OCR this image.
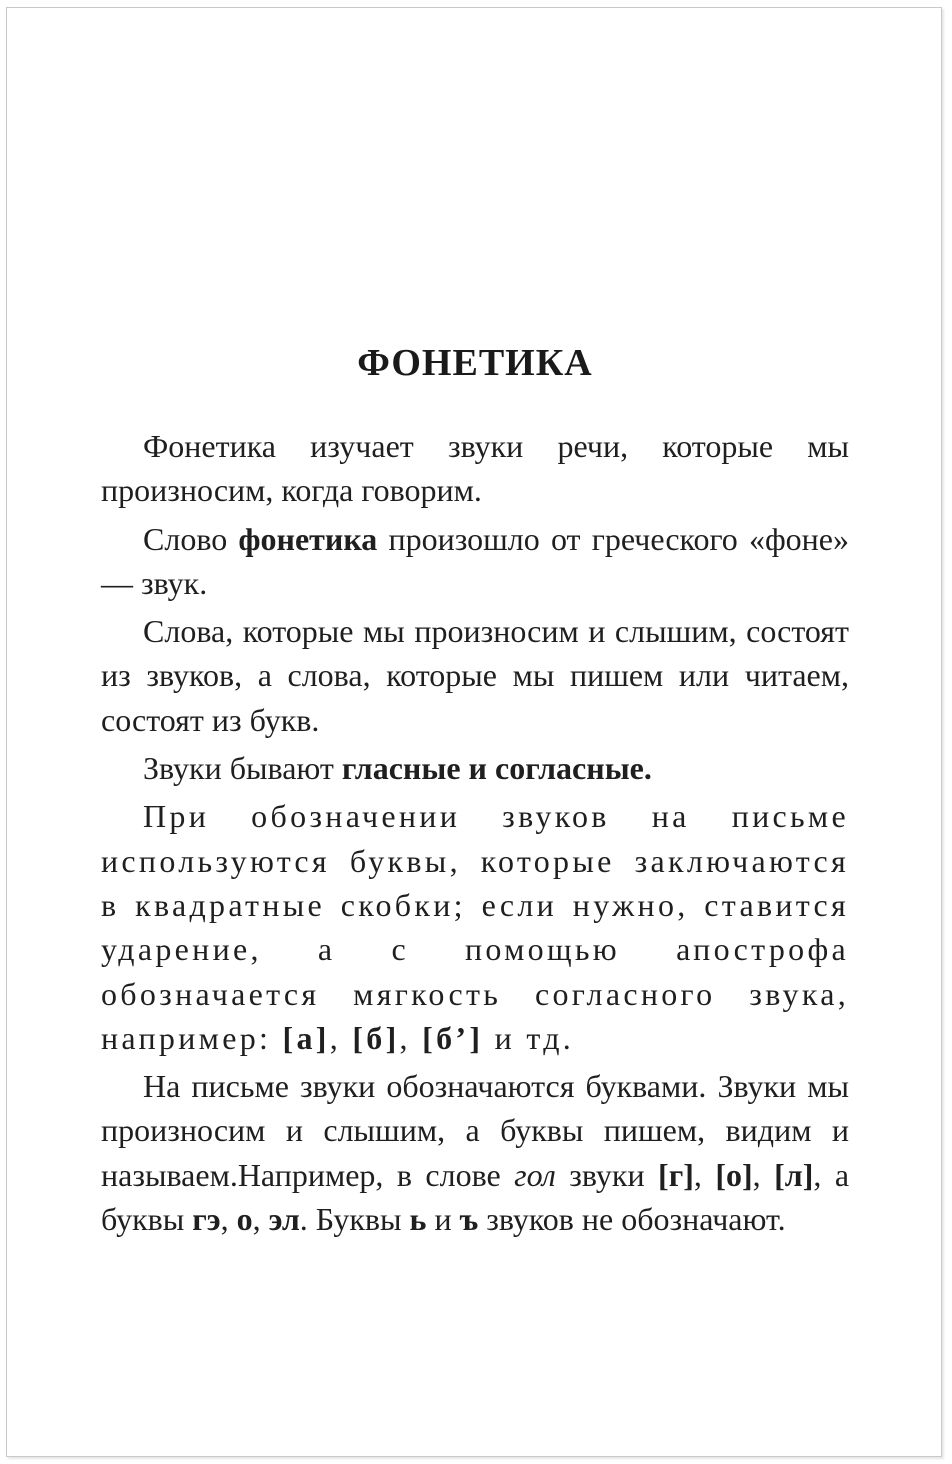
ФОНЕТИКА

Фонетика изучает звуки речи, которые мы произносим, когда говорим.

Слово фонетика произошло от греческого «фоне» — звук.

Слова, которые мы произносим и слышим, состоят из звуков, а слова, которые мы пишем или читаем, состоят из букв.

Звуки бывают гласные и согласные.

При обозначении звуков на письме используются буквы, которые заключаются в квадратные скобки; если нужно, ставится ударение, а с помощью апострофа обозначается мягкость согласного звука, например: [а], [б], [б’] и тд.

На письме звуки обозначаются буквами. Звуки мы произносим и слышим, а буквы пишем, видим и называем.Например, в слове гол звуки [г], [о], [л], а буквы гэ, о, эл. Буквы ь и ъ звуков не обозначают.
